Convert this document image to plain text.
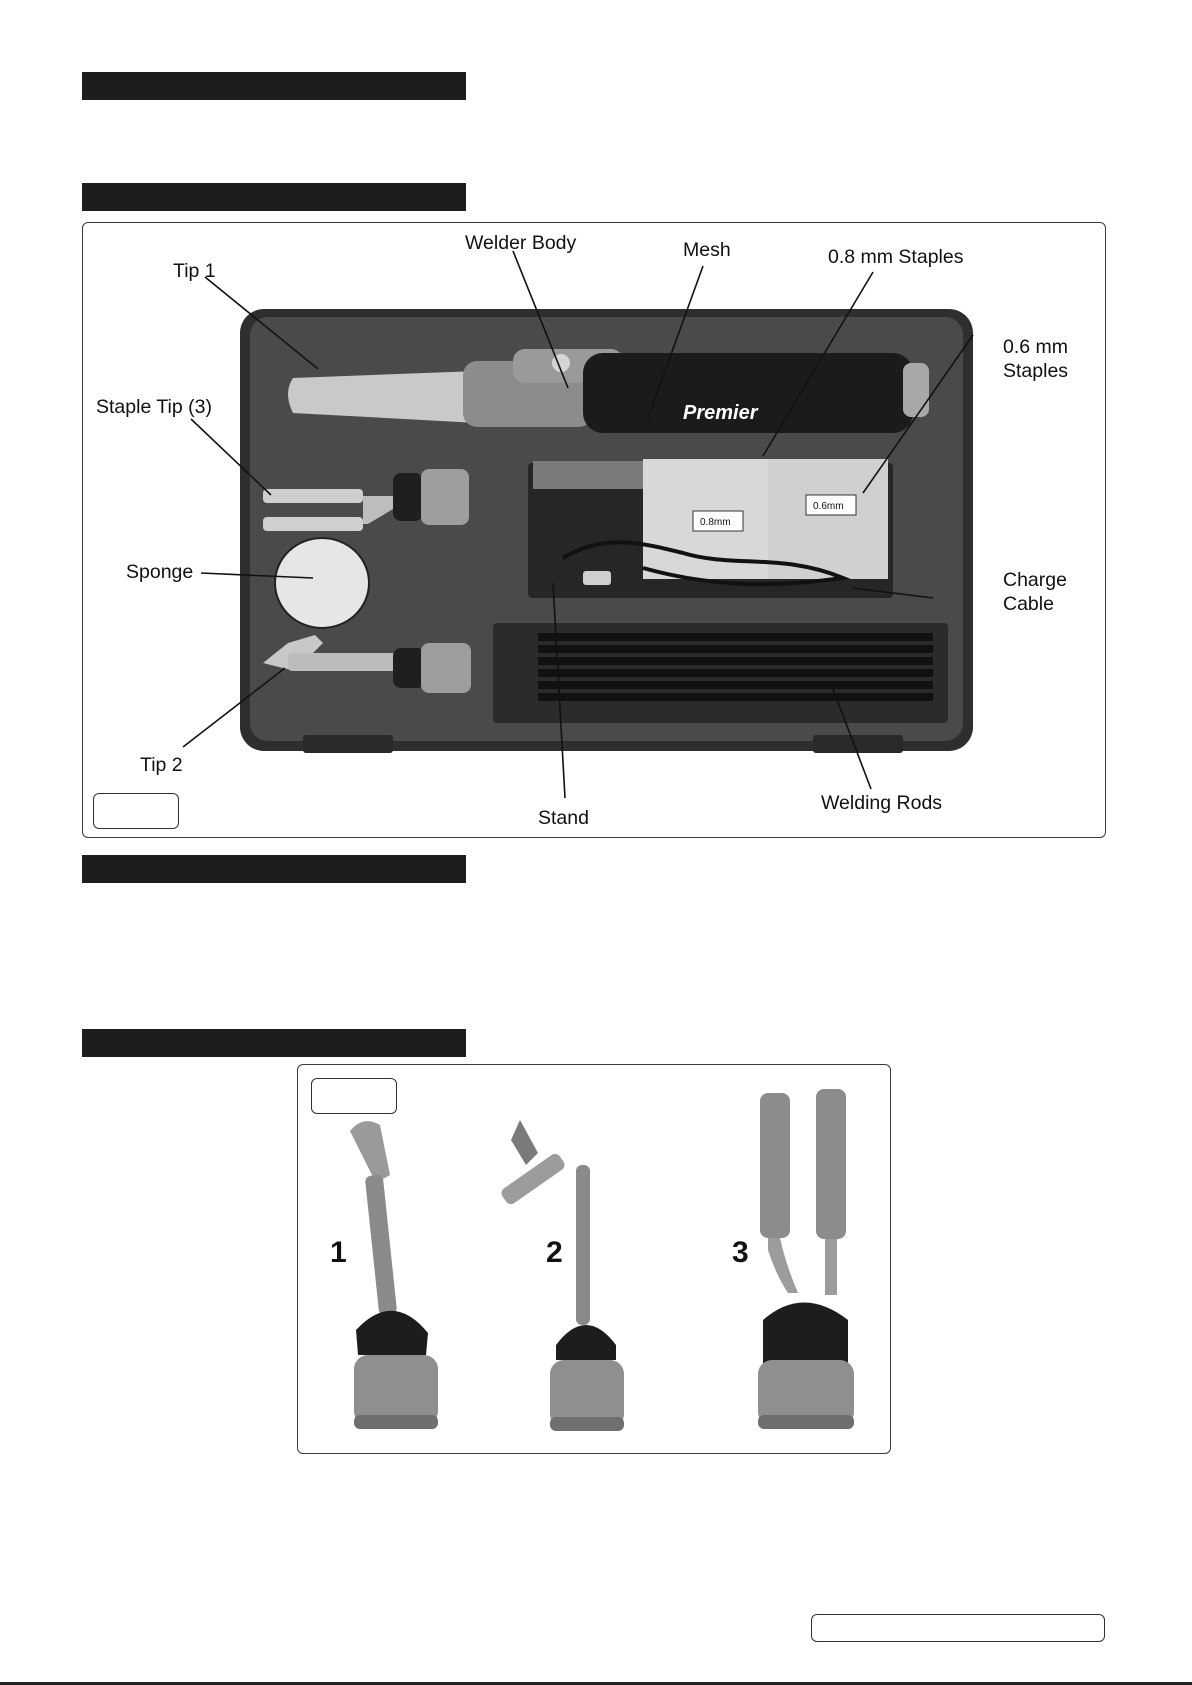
Premier
0.8mm
0.6mm
Tip 1
Welder Body	Mesh	0.8 mm Staples
0.6 mm
Staples
Staple Tip (3)
Sponge	Charge
Cable
Tip 2
Stand
Welding Rods
1	2	3
